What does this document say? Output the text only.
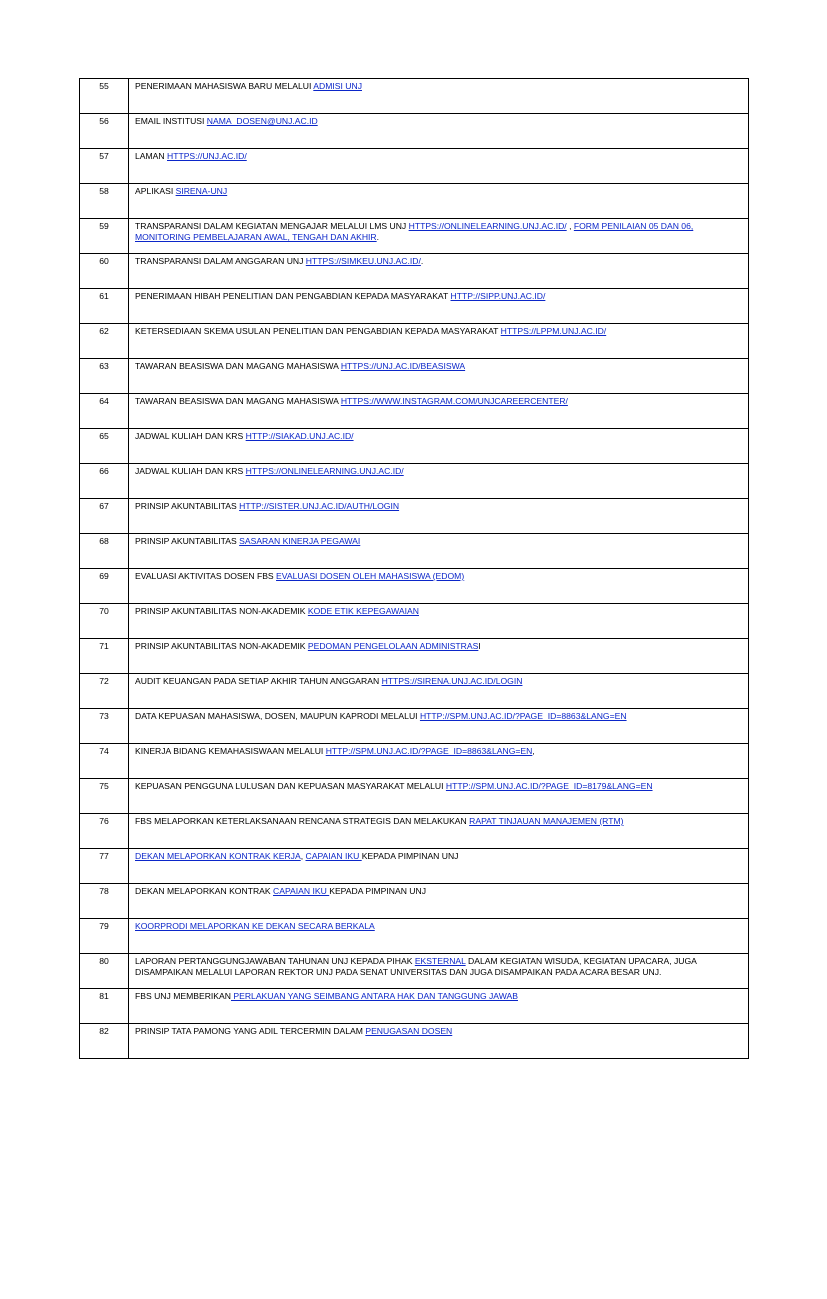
55	PENERIMAAN MAHASISWA BARU MELALUI ADMISI UNJ
56	EMAIL INSTITUSI NAMA_DOSEN@UNJ.AC.ID
57	LAMAN HTTPS://UNJ.AC.ID/
58	APLIKASI SIRENA-UNJ
59	TRANSPARANSI DALAM KEGIATAN MENGAJAR MELALUI LMS UNJ HTTPS://ONLINELEARNING.UNJ.AC.ID/ , FORM PENILAIAN 05 DAN 06, MONITORING PEMBELAJARAN AWAL, TENGAH DAN AKHIR.
60	TRANSPARANSI DALAM ANGGARAN UNJ HTTPS://SIMKEU.UNJ.AC.ID/.
61	PENERIMAAN HIBAH PENELITIAN DAN PENGABDIAN KEPADA MASYARAKAT HTTP://SIPP.UNJ.AC.ID/
62	KETERSEDIAAN SKEMA USULAN PENELITIAN DAN PENGABDIAN KEPADA MASYARAKAT HTTPS://LPPM.UNJ.AC.ID/
63	TAWARAN BEASISWA DAN MAGANG MAHASISWA HTTPS://UNJ.AC.ID/BEASISWA
64	TAWARAN BEASISWA DAN MAGANG MAHASISWA HTTPS://WWW.INSTAGRAM.COM/UNJCAREERCENTER/
65	JADWAL KULIAH DAN KRS HTTP://SIAKAD.UNJ.AC.ID/
66	JADWAL KULIAH DAN KRS HTTPS://ONLINELEARNING.UNJ.AC.ID/
67	PRINSIP AKUNTABILITAS HTTP://SISTER.UNJ.AC.ID/AUTH/LOGIN
68	PRINSIP AKUNTABILITAS SASARAN KINERJA PEGAWAI
69	EVALUASI AKTIVITAS DOSEN FBS EVALUASI DOSEN OLEH MAHASISWA (EDOM)
70	PRINSIP AKUNTABILITAS NON-AKADEMIK KODE ETIK KEPEGAWAIAN
71	PRINSIP AKUNTABILITAS NON-AKADEMIK PEDOMAN PENGELOLAAN ADMINISTRASI
72	AUDIT KEUANGAN PADA SETIAP AKHIR TAHUN ANGGARAN HTTPS://SIRENA.UNJ.AC.ID/LOGIN
73	DATA KEPUASAN MAHASISWA, DOSEN, MAUPUN KAPRODI MELALUI HTTP://SPM.UNJ.AC.ID/?PAGE_ID=8863&LANG=EN
74	KINERJA BIDANG KEMAHASISWAAN MELALUI HTTP://SPM.UNJ.AC.ID/?PAGE_ID=8863&LANG=EN,
75	KEPUASAN PENGGUNA LULUSAN DAN KEPUASAN MASYARAKAT MELALUI HTTP://SPM.UNJ.AC.ID/?PAGE_ID=8179&LANG=EN
76	FBS MELAPORKAN KETERLAKSANAAN RENCANA STRATEGIS DAN MELAKUKAN RAPAT TINJAUAN MANAJEMEN (RTM)
77	DEKAN MELAPORKAN KONTRAK KERJA, CAPAIAN IKU KEPADA PIMPINAN UNJ
78	DEKAN MELAPORKAN KONTRAK CAPAIAN IKU KEPADA PIMPINAN UNJ
79	KOORPRODI MELAPORKAN KE DEKAN SECARA BERKALA
80	LAPORAN PERTANGGUNGJAWABAN TAHUNAN UNJ KEPADA PIHAK EKSTERNAL DALAM KEGIATAN WISUDA, KEGIATAN UPACARA, JUGA DISAMPAIKAN MELALUI LAPORAN REKTOR UNJ PADA SENAT UNIVERSITAS DAN JUGA DISAMPAIKAN PADA ACARA BESAR UNJ.
81	FBS UNJ MEMBERIKAN PERLAKUAN YANG SEIMBANG ANTARA HAK DAN TANGGUNG JAWAB
82	PRINSIP TATA PAMONG YANG ADIL TERCERMIN DALAM PENUGASAN DOSEN
